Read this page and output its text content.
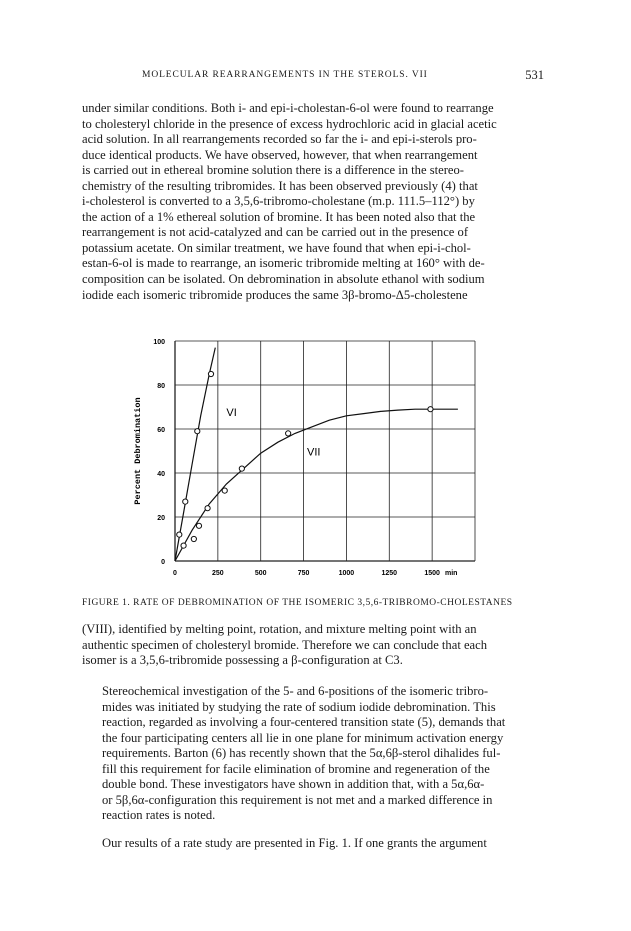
MOLECULAR REARRANGEMENTS IN THE STEROLS. VII	531

under similar conditions. Both i- and epi-i-cholestan-6-ol were found to rearrange
to cholesteryl chloride in the presence of excess hydrochloric acid in glacial acetic
acid solution. In all rearrangements recorded so far the i- and epi-i-sterols pro-
duce identical products. We have observed, however, that when rearrangement
is carried out in ethereal bromine solution there is a difference in the stereo-
chemistry of the resulting tribromides. It has been observed previously (4) that
i-cholesterol is converted to a 3,5,6-tribromo-cholestane (m.p. 111.5–112°) by
the action of a 1% ethereal solution of bromine. It has been noted also that the
rearrangement is not acid-catalyzed and can be carried out in the presence of
potassium acetate. On similar treatment, we have found that when epi-i-chol-
estan-6-ol is made to rearrange, an isomeric tribromide melting at 160° with de-
composition can be isolated. On debromination in absolute ethanol with sodium
iodide each isomeric tribromide produces the same 3β-bromo-Δ5-cholestene

0
20
40
60
80
100
0	250	500	750	1000	1250	1500 min
Percent Debromination	VI
VII
FIGURE 1. RATE OF DEBROMINATION OF THE ISOMERIC 3,5,6-TRIBROMO-CHOLESTANES

(VIII), identified by melting point, rotation, and mixture melting point with an
authentic specimen of cholesteryl bromide. Therefore we can conclude that each
isomer is a 3,5,6-tribromide possessing a β-configuration at C3.

Stereochemical investigation of the 5- and 6-positions of the isomeric tribro-
mides was initiated by studying the rate of sodium iodide debromination. This
reaction, regarded as involving a four-centered transition state (5), demands that
the four participating centers all lie in one plane for minimum activation energy
requirements. Barton (6) has recently shown that the 5α,6β-sterol dihalides ful-
fill this requirement for facile elimination of bromine and regeneration of the
double bond. These investigators have shown in addition that, with a 5α,6α-
or 5β,6α-configuration this requirement is not met and a marked difference in
reaction rates is noted.

Our results of a rate study are presented in Fig. 1. If one grants the argument
